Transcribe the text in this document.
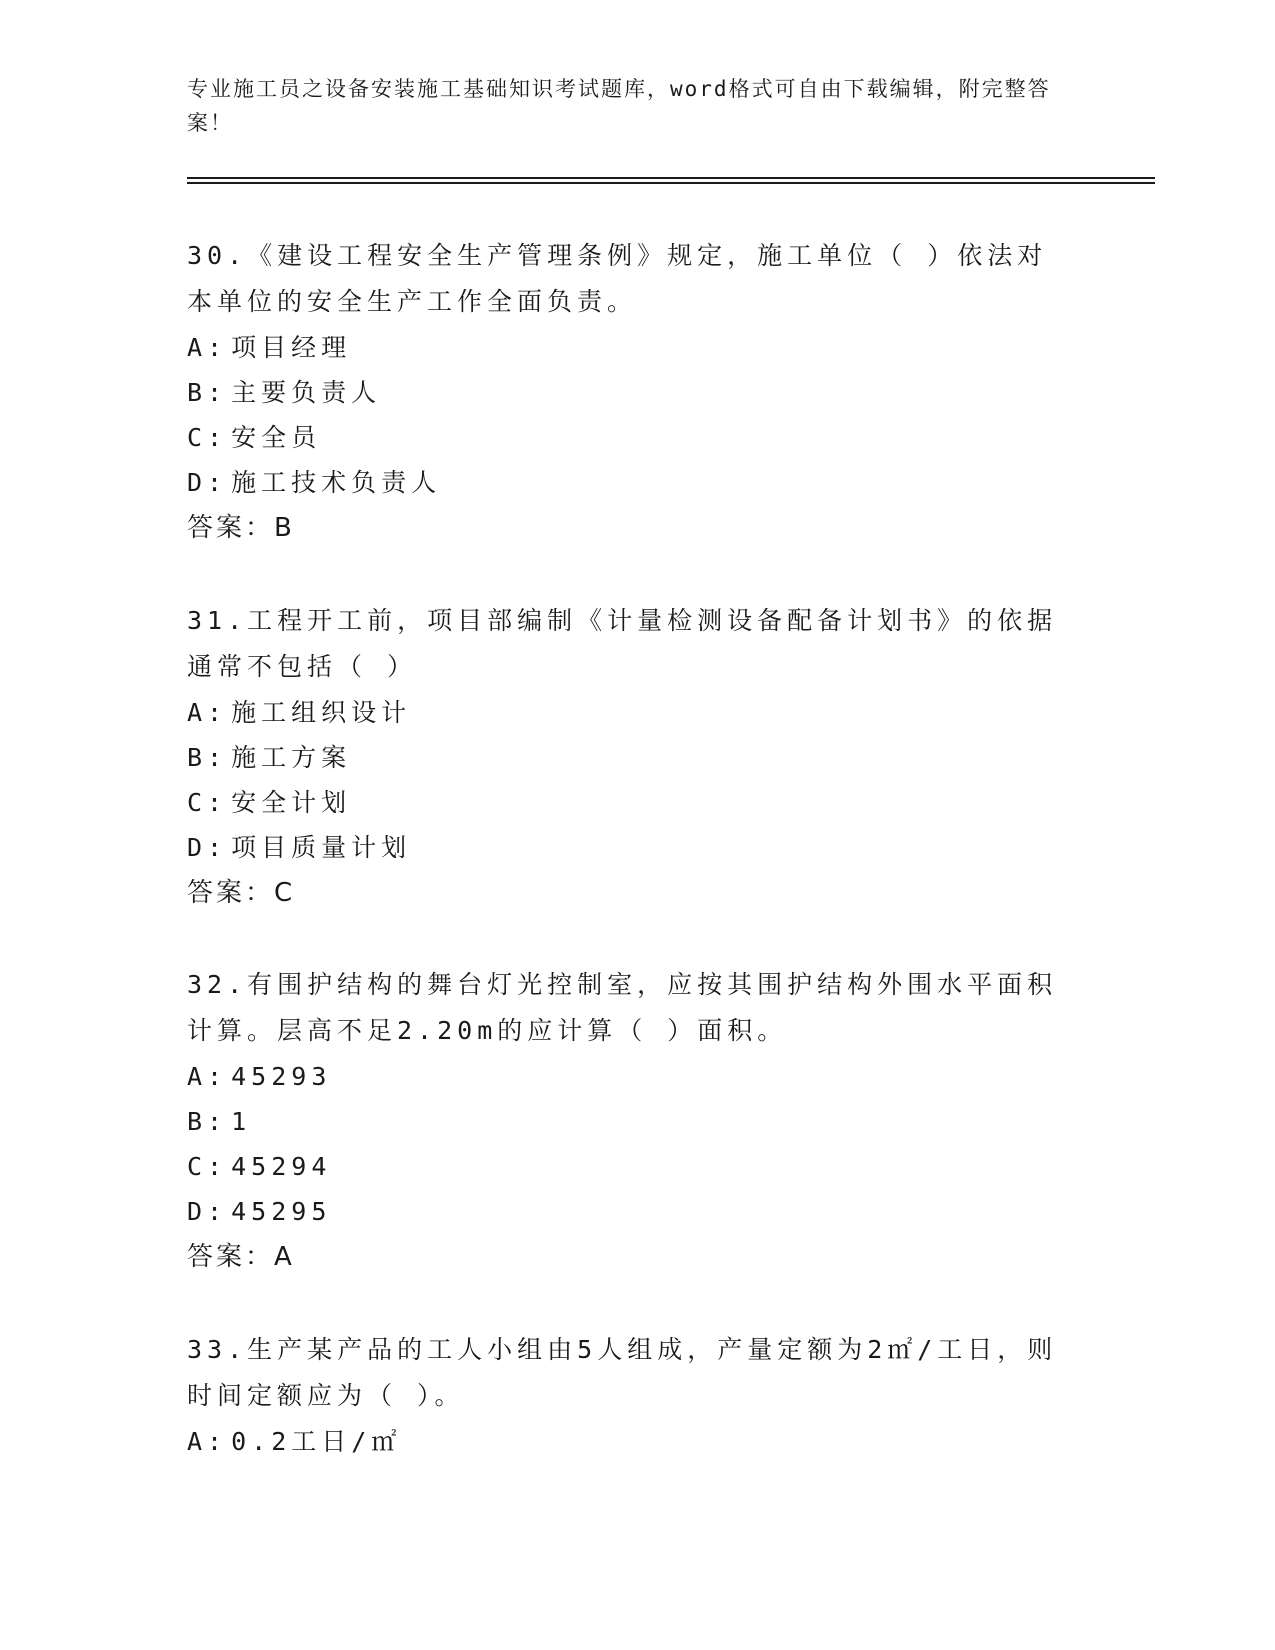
专业施工员之设备安装施工基础知识考试题库，word格式可自由下载编辑，附完整答案！

30.《建设工程安全生产管理条例》规定，施工单位（ ）依法对本单位的安全生产工作全面负责。

A: 项目经理

B: 主要负责人

C: 安全员

D: 施工技术负责人

答案：B

31.工程开工前，项目部编制《计量检测设备配备计划书》的依据通常不包括（ ）

A: 施工组织设计

B: 施工方案

C: 安全计划

D: 项目质量计划

答案：C

32.有围护结构的舞台灯光控制室，应按其围护结构外围水平面积计算。层高不足2.20m的应计算（ ）面积。

A: 45293

B: 1

C: 45294

D: 45295

答案：A

33.生产某产品的工人小组由5人组成，产量定额为2㎡/工日，则时间定额应为（ ）。

A: 0.2工日/㎡
